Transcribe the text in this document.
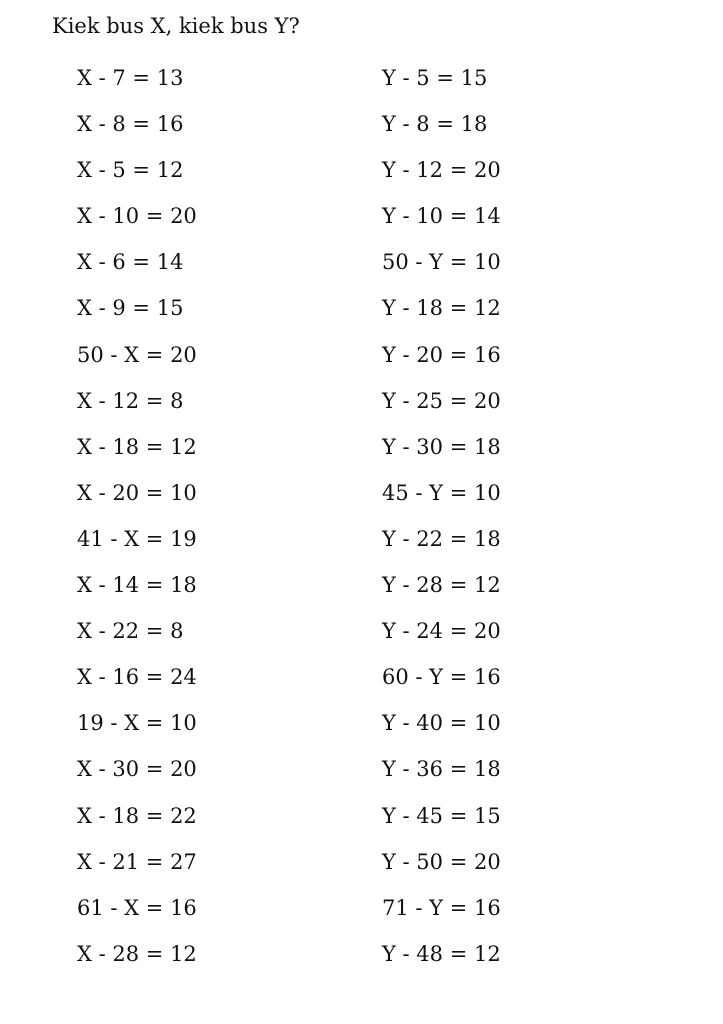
Kiek bus X, kiek bus Y?
X - 7 = 13
X - 8 = 16
X - 5 = 12
X - 10 = 20
X - 6 = 14
X - 9 = 15
50 - X = 20
X - 12 = 8
X - 18 = 12
X - 20 = 10
41 - X = 19
X - 14 = 18
X - 22 = 8
X - 16 = 24
19 - X = 10
X - 30 = 20
X - 18 = 22
X - 21 = 27
61 - X = 16
X - 28 = 12
Y - 5 = 15
Y - 8 = 18
Y - 12 = 20
Y - 10 = 14
50 - Y = 10
Y - 18 = 12
Y - 20 = 16
Y - 25 = 20
Y - 30 = 18
45 - Y = 10
Y - 22 = 18
Y - 28 = 12
Y - 24 = 20
60 - Y = 16
Y - 40 = 10
Y - 36 = 18
Y - 45 = 15
Y - 50 = 20
71 - Y = 16
Y - 48 = 12
